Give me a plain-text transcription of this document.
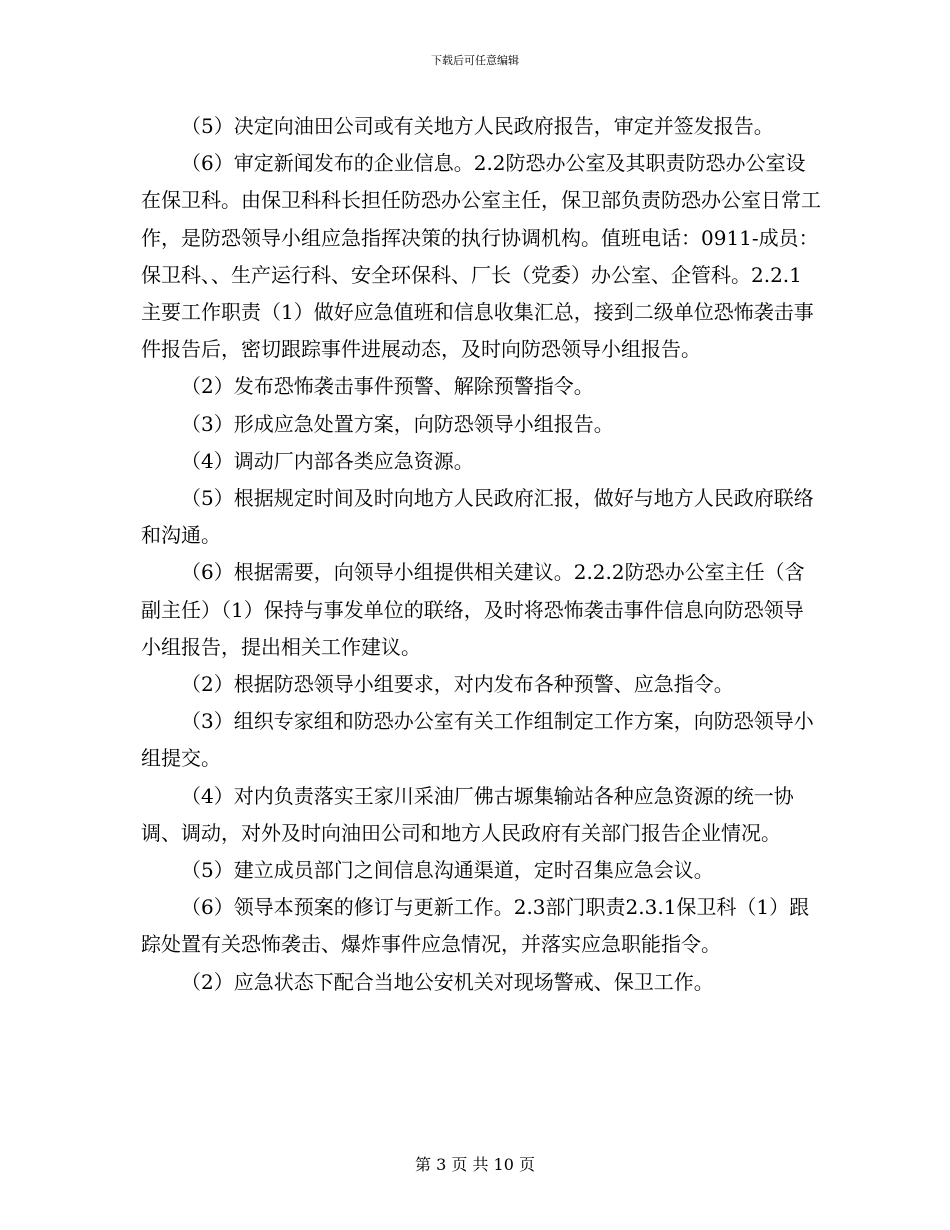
下载后可任意编辑

（5）决定向油田公司或有关地方人民政府报告，审定并签发报告。

（6）审定新闻发布的企业信息。2.2防恐办公室及其职责防恐办公室设在保卫科。由保卫科科长担任防恐办公室主任，保卫部负责防恐办公室日常工作，是防恐领导小组应急指挥决策的执行协调机构。值班电话：0911-成员：保卫科、、生产运行科、安全环保科、厂长（党委）办公室、企管科。2.2.1主要工作职责（1）做好应急值班和信息收集汇总，接到二级单位恐怖袭击事件报告后，密切跟踪事件进展动态，及时向防恐领导小组报告。

（2）发布恐怖袭击事件预警、解除预警指令。

（3）形成应急处置方案，向防恐领导小组报告。

（4）调动厂内部各类应急资源。

（5）根据规定时间及时向地方人民政府汇报，做好与地方人民政府联络和沟通。

（6）根据需要，向领导小组提供相关建议。2.2.2防恐办公室主任（含副主任）（1）保持与事发单位的联络，及时将恐怖袭击事件信息向防恐领导小组报告，提出相关工作建议。

（2）根据防恐领导小组要求，对内发布各种预警、应急指令。

（3）组织专家组和防恐办公室有关工作组制定工作方案，向防恐领导小组提交。

（4）对内负责落实王家川采油厂佛古塬集输站各种应急资源的统一协调、调动，对外及时向油田公司和地方人民政府有关部门报告企业情况。

（5）建立成员部门之间信息沟通渠道，定时召集应急会议。

（6）领导本预案的修订与更新工作。2.3部门职责2.3.1保卫科（1）跟踪处置有关恐怖袭击、爆炸事件应急情况，并落实应急职能指令。

（2）应急状态下配合当地公安机关对现场警戒、保卫工作。

第 3 页 共 10 页
